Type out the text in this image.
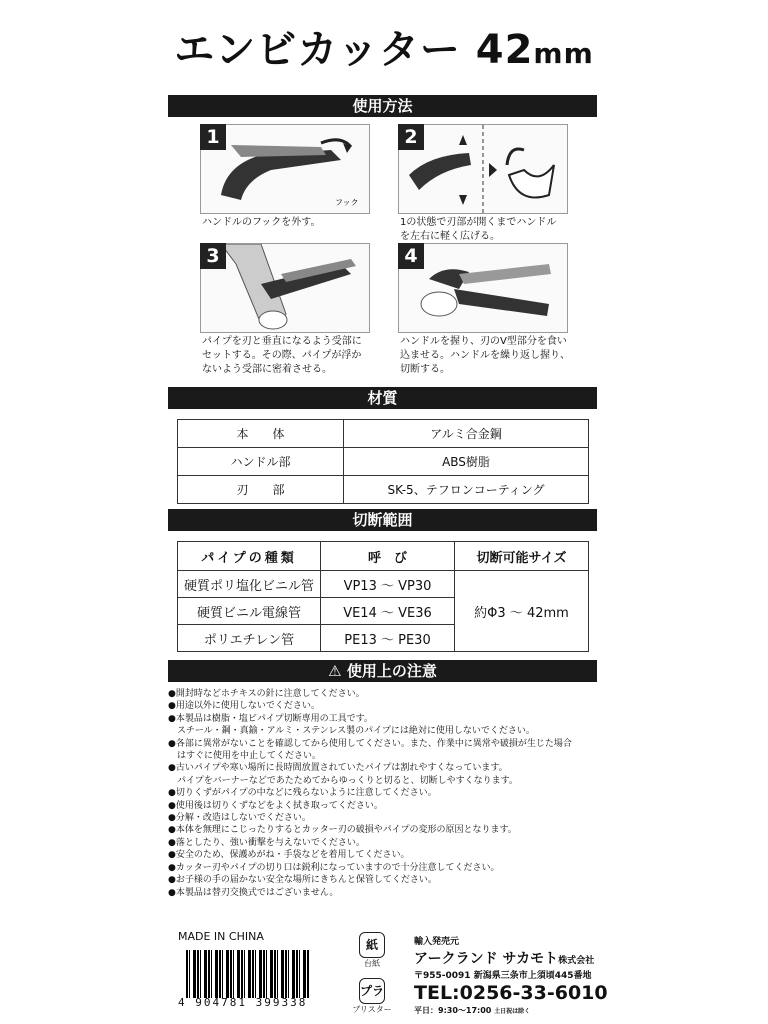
エンビカッター 42mm
使用方法
フック
1
ハンドルのフックを外す。
2
1の状態で刃部が開くまでハンドル
を左右に軽く広げる。
3
パイプを刃と垂直になるよう受部に
セットする。その際、パイプが浮か
ないよう受部に密着させる。
4
ハンドルを握り、刃のV型部分を食い
込ませる。ハンドルを繰り返し握り、
切断する。
材質
本　　体	アルミ合金鋼
ハンドル部	ABS樹脂
刃　　部	SK-5、テフロンコーティング
切断範囲
パイプの種類	呼　び	切断可能サイズ
硬質ポリ塩化ビニル管	VP13 ～ VP30	約Φ3 ～ 42mm
硬質ビニル電線管	VE14 ～ VE36	
ポリエチレン管	PE13 ～ PE30	
⚠ 使用上の注意
●開封時などホチキスの針に注意してください。
●用途以外に使用しないでください。
●本製品は樹脂・塩ビパイプ切断専用の工具です。
　スチール・鋼・真鍮・アルミ・ステンレス製のパイプには絶対に使用しないでください。
●各部に異常がないことを確認してから使用してください。また、作業中に異常や破損が生じた場合
　はすぐに使用を中止してください。
●古いパイプや寒い場所に長時間放置されていたパイプは割れやすくなっています。
　パイプをバーナーなどであたためてからゆっくりと切ると、切断しやすくなります。
●切りくずがパイプの中などに残らないように注意してください。
●使用後は切りくずなどをよく拭き取ってください。
●分解・改造はしないでください。
●本体を無理にこじったりするとカッター刃の破損やパイプの変形の原因となります。
●落としたり、強い衝撃を与えないでください。
●安全のため、保護めがね・手袋などを着用してください。
●カッター刃やパイプの切り口は鋭利になっていますので十分注意してください。
●お子様の手の届かない安全な場所にきちんと保管してください。
●本製品は替刃交換式ではございません。
MADE IN CHINA
4 904781 399338
紙
台紙
プラ
ブリスター
輸入発売元
アークランド サカモト株式会社
〒955-0091 新潟県三条市上須頃445番地
TEL:0256-33-6010
平日：9:30～17:00 土日祝は除く
